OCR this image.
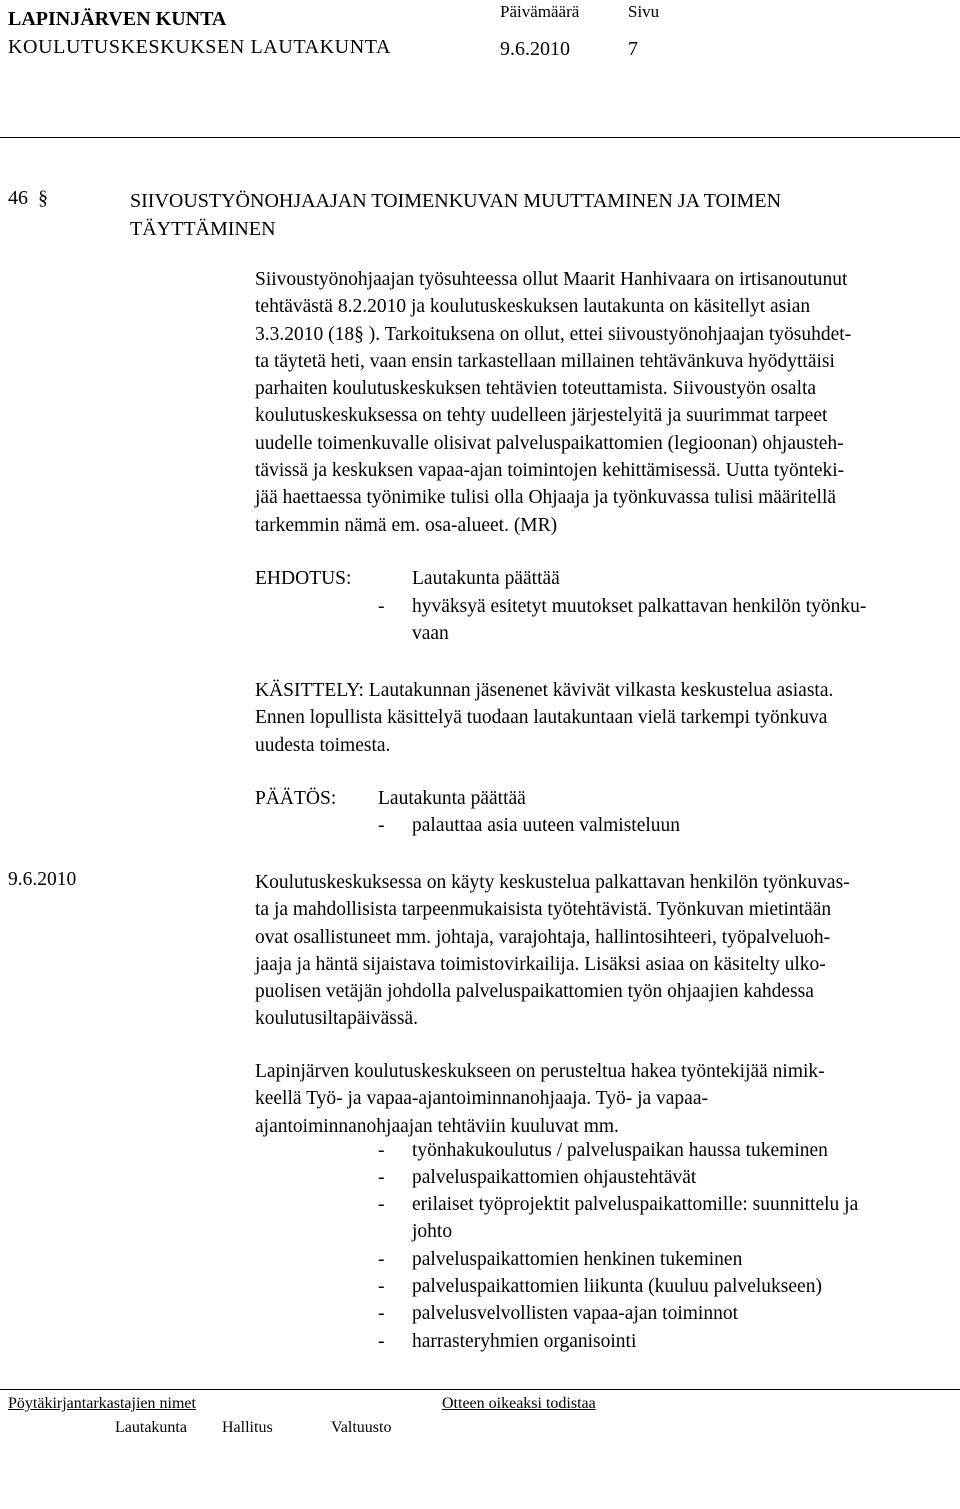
LAPINJÄRVEN KUNTA
KOULUTUSKESKUKSEN LAUTAKUNTA
Päivämäärä	Sivu
9.6.2010	7
46 §	SIIVOUSTYÖNOHJAAJAN TOIMENKUVAN MUUTTAMINEN JA TOIMEN TÄYTTÄMINEN
Siivoustyönohjaajan työsuhteessa ollut Maarit Hanhivaara on irtisanoutunut
tehtävästä 8.2.2010 ja koulutuskeskuksen lautakunta on käsitellyt asian
3.3.2010 (18§ ). Tarkoituksena on ollut, ettei siivoustyönohjaajan työsuhdet-
ta täytetä heti, vaan ensin tarkastellaan millainen tehtävänkuva hyödyttäisi
parhaiten koulutuskeskuksen tehtävien toteuttamista. Siivoustyön osalta
koulutuskeskuksessa on tehty uudelleen järjestelyitä ja suurimmat tarpeet
uudelle toimenkuvalle olisivat palveluspaikattomien (legioonan) ohjausteh-
tävissä ja keskuksen vapaa-ajan toimintojen kehittämisessä. Uutta työnteki-
jää haettaessa työnimike tulisi olla Ohjaaja ja työnkuvassa tulisi määritellä
tarkemmin nämä em. osa-alueet. (MR)
EHDOTUS:	Lautakunta päättää
- hyväksyä esitetyt muutokset palkattavan henkilön työnku-
vaan
KÄSITTELY: Lautakunnan jäsenenet kävivät vilkasta keskustelua asiasta.
Ennen lopullista käsittelyä tuodaan lautakuntaan vielä tarkempi työnkuva
uudesta toimesta.
PÄÄTÖS: Lautakunta päättää
- palauttaa asia uuteen valmisteluun
9.6.2010	Koulutuskeskuksessa on käyty keskustelua palkattavan henkilön työnkuvas-
ta ja mahdollisista tarpeenmukaisista työtehtävistä. Työnkuvan mietintään
ovat osallistuneet mm. johtaja, varajohtaja, hallintosihteeri, työpalveluoh-
jaaja ja häntä sijaistava toimistovirkailija. Lisäksi asiaa on käsitelty ulko-
puolisen vetäjän johdolla palveluspaikattomien työn ohjaajien kahdessa
koulutusiltapäivässä.
Lapinjärven koulutuskeskukseen on perusteltua hakea työntekijää nimik-
keellä Työ- ja vapaa-ajantoiminnanohjaaja. Työ- ja vapaa-
ajantoiminnanohjaajan tehtäviin kuuluvat mm.
- työnhakukoulutus / palveluspaikan haussa tukeminen
- palveluspaikattomien ohjaustehtävät
- erilaiset työprojektit palveluspaikattomille: suunnittelu ja
johto
- palveluspaikattomien henkinen tukeminen
- palveluspaikattomien liikunta (kuuluu palvelukseen)
- palvelusvelvollisten vapaa-ajan toiminnot
- harrasteryhmien organisointi
Pöytäkirjantarkastajien nimet	Otteen oikeaksi todistaa
Lautakunta Hallitus	Valtuusto
